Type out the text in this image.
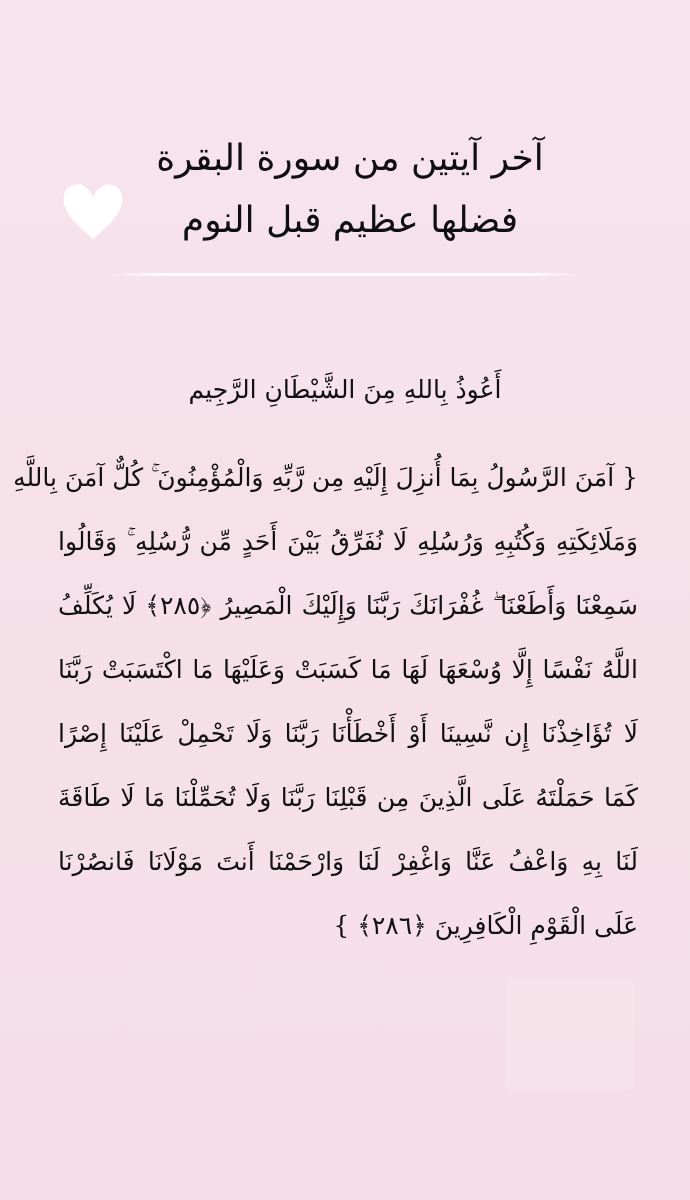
آخر آيتين من سورة البقرة
فضلها عظيم قبل النوم
أَعُوذُ بِاللهِ مِنَ الشَّيْطَانِ الرَّجِيم
{ آمَنَ الرَّسُولُ بِمَا أُنزِلَ إِلَيْهِ مِن رَّبِّهِ وَالْمُؤْمِنُونَ ۚ كُلٌّ آمَنَ بِاللَّهِ
وَمَلَائِكَتِهِ وَكُتُبِهِ وَرُسُلِهِ لَا نُفَرِّقُ بَيْنَ أَحَدٍ مِّن رُّسُلِهِ ۚ وَقَالُوا
سَمِعْنَا وَأَطَعْنَا ۖ غُفْرَانَكَ رَبَّنَا وَإِلَيْكَ الْمَصِيرُ ﴿٢٨٥﴾ لَا يُكَلِّفُ
اللَّهُ نَفْسًا إِلَّا وُسْعَهَا لَهَا مَا كَسَبَتْ وَعَلَيْهَا مَا اكْتَسَبَتْ رَبَّنَا
لَا تُؤَاخِذْنَا إِن نَّسِينَا أَوْ أَخْطَأْنَا رَبَّنَا وَلَا تَحْمِلْ عَلَيْنَا إِصْرًا
كَمَا حَمَلْتَهُ عَلَى الَّذِينَ مِن قَبْلِنَا رَبَّنَا وَلَا تُحَمِّلْنَا مَا لَا طَاقَةَ
لَنَا بِهِ وَاعْفُ عَنَّا وَاغْفِرْ لَنَا وَارْحَمْنَا أَنتَ مَوْلَانَا فَانصُرْنَا
عَلَى الْقَوْمِ الْكَافِرِينَ ﴿٢٨٦﴾ }
